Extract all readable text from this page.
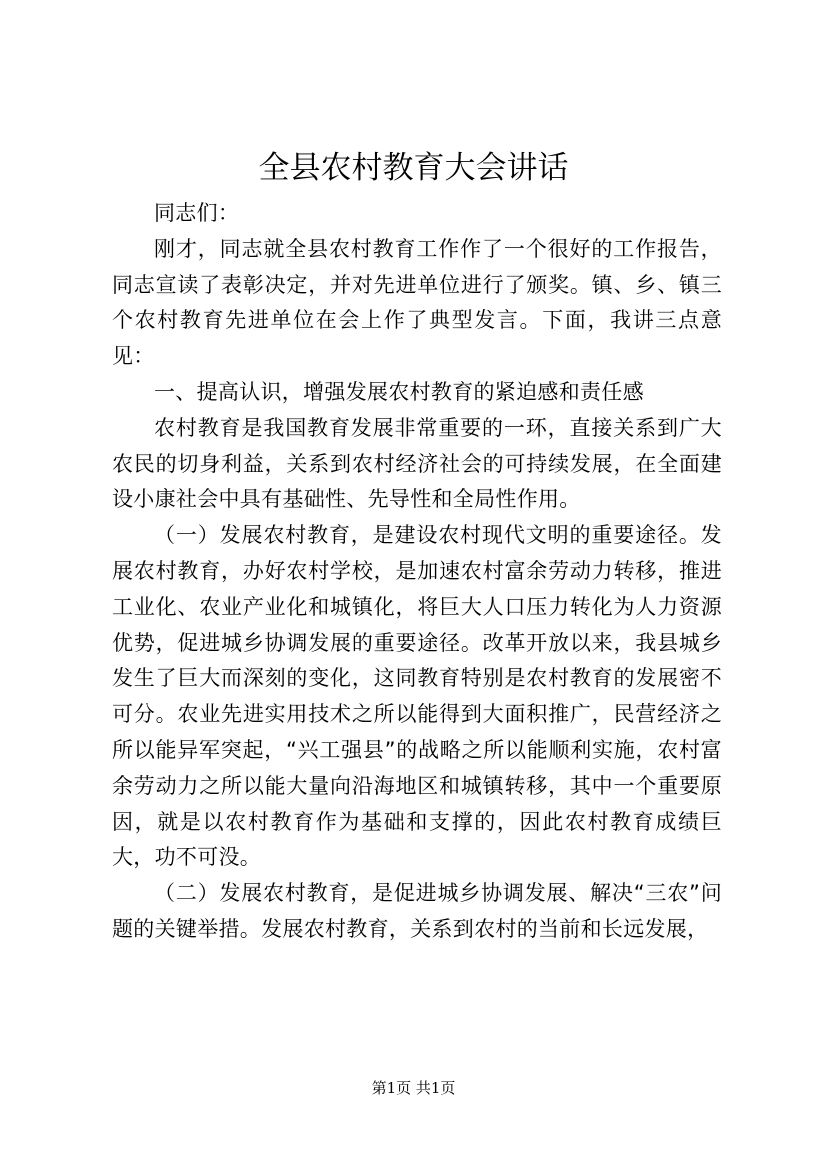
全县农村教育大会讲话

同志们：

刚才，同志就全县农村教育工作作了一个很好的工作报告，同志宣读了表彰决定，并对先进单位进行了颁奖。镇、乡、镇三个农村教育先进单位在会上作了典型发言。下面，我讲三点意见：

一、提高认识，增强发展农村教育的紧迫感和责任感

农村教育是我国教育发展非常重要的一环，直接关系到广大农民的切身利益，关系到农村经济社会的可持续发展，在全面建设小康社会中具有基础性、先导性和全局性作用。

（一）发展农村教育，是建设农村现代文明的重要途径。发展农村教育，办好农村学校，是加速农村富余劳动力转移，推进工业化、农业产业化和城镇化，将巨大人口压力转化为人力资源优势，促进城乡协调发展的重要途径。改革开放以来，我县城乡发生了巨大而深刻的变化，这同教育特别是农村教育的发展密不可分。农业先进实用技术之所以能得到大面积推广，民营经济之所以能异军突起，“兴工强县”的战略之所以能顺利实施，农村富余劳动力之所以能大量向沿海地区和城镇转移，其中一个重要原因，就是以农村教育作为基础和支撑的，因此农村教育成绩巨大，功不可没。

（二）发展农村教育，是促进城乡协调发展、解决“三农”问题的关键举措。发展农村教育，关系到农村的当前和长远发展，

第1页 共1页
